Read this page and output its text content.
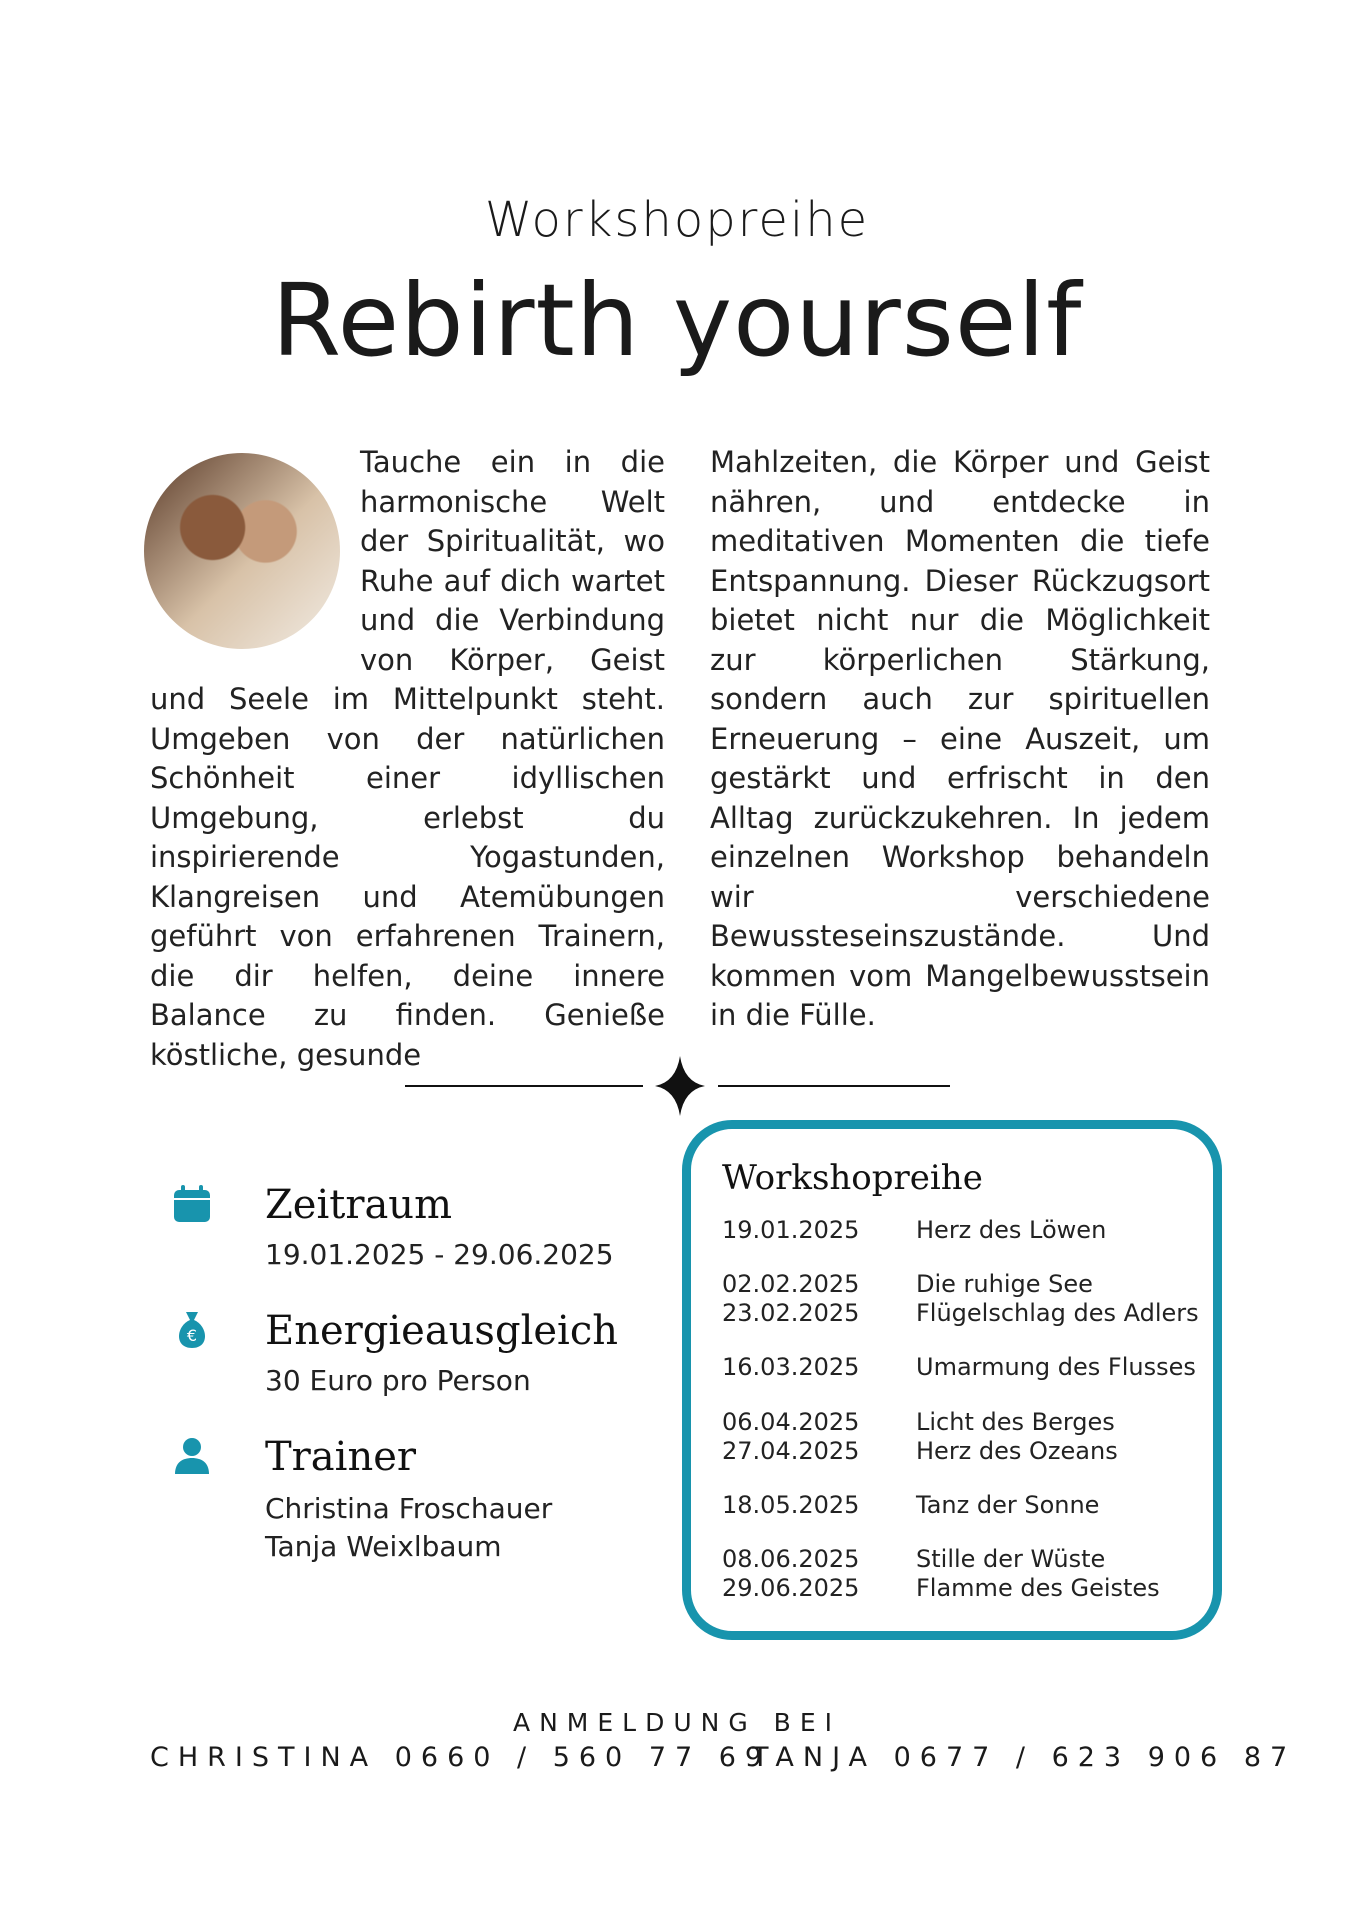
Workshopreihe
Rebirth yourself
Tauche ein in die harmonische Welt der Spiritualität, wo Ruhe auf dich wartet und die Verbindung von Körper, Geist und Seele im Mittelpunkt steht. Umgeben von der natürlichen Schönheit einer idyllischen Umgebung, erlebst du inspirierende Yogastunden, Klangreisen und Atemübungen geführt von erfahrenen Trainern, die dir helfen, deine innere Balance zu finden. Genieße köstliche, gesunde
Mahlzeiten, die Körper und Geist nähren, und entdecke in meditativen Momenten die tiefe Entspannung. Dieser Rückzugsort bietet nicht nur die Möglichkeit zur körperlichen Stärkung, sondern auch zur spirituellen Erneuerung – eine Auszeit, um gestärkt und erfrischt in den Alltag zurückzukehren. In jedem einzelnen Workshop behandeln wir verschiedene Bewussteseinszustände. Und kommen vom Mangelbewusstsein in die Fülle.
Zeitraum
19.01.2025 - 29.06.2025
€ Energieausgleich
30 Euro pro Person
Trainer
Christina Froschauer
Tanja Weixlbaum
Workshopreihe
19.01.2025 Herz des Löwen
02.02.2025 Die ruhige See
23.02.2025 Flügelschlag des Adlers
16.03.2025 Umarmung des Flusses
06.04.2025 Licht des Berges
27.04.2025 Herz des Ozeans
18.05.2025 Tanz der Sonne
08.06.2025 Stille der Wüste
29.06.2025 Flamme des Geistes
ANMELDUNG BEI
CHRISTINA 0660 / 560 77 69
TANJA 0677 / 623 906 87
